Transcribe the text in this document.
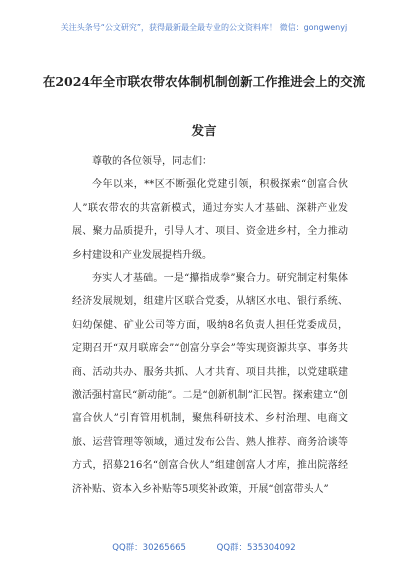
关注头条号“公文研究”，获得最新最全最专业的公文资料库！ 微信：gongwenyj
在2024年全市联农带农体制机制创新工作推进会上的交流
发言

尊敬的各位领导，同志们：

今年以来，**区不断强化党建引领，积极探索“创富合伙人”联农带农的共富新模式，通过夯实人才基础、深耕产业发展、聚力品质提升，引导人才、项目、资金进乡村，全力推动乡村建设和产业发展提档升级。

夯实人才基础。一是“攥指成拳”聚合力。研究制定村集体经济发展规划，组建片区联合党委，从辖区水电、银行系统、妇幼保健、矿业公司等方面，吸纳8名负责人担任党委成员，定期召开“双月联席会”“创富分享会”等实现资源共享、事务共商、活动共办、服务共抓、人才共育、项目共推，以党建联建激活强村富民“新动能”。二是“创新机制”汇民智。探索建立“创富合伙人”引育管用机制，聚焦科研技术、乡村治理、电商文旅、运营管理等领域，通过发布公告、熟人推荐、商务洽谈等方式，招募216名“创富合伙人”组建创富人才库，推出院落经济补贴、资本入乡补贴等5项奖补政策，开展“创富带头人”

QQ群：30265665	QQ群：535304092
